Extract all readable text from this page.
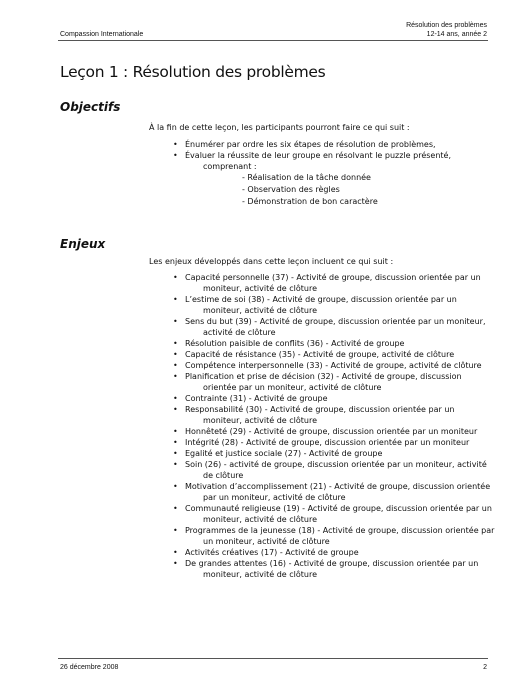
Compassion Internationale
Résolution des problèmes
12-14 ans, année 2
Leçon 1 : Résolution des problèmes
Objectifs
À la fin de cette leçon, les participants pourront faire ce qui suit :
• Énumérer par ordre les six étapes de résolution de problèmes,
• Évaluer la réussite de leur groupe en résolvant le puzzle présenté,
comprenant :
- Réalisation de la tâche donnée
- Observation des règles
- Démonstration de bon caractère
Enjeux
Les enjeux développés dans cette leçon incluent ce qui suit :
• Capacité personnelle (37) - Activité de groupe, discussion orientée par un
moniteur, activité de clôture
• L’estime de soi (38) - Activité de groupe, discussion orientée par un
moniteur, activité de clôture
• Sens du but (39) - Activité de groupe, discussion orientée par un moniteur,
activité de clôture
• Résolution paisible de conflits (36) - Activité de groupe
• Capacité de résistance (35) - Activité de groupe, activité de clôture
• Compétence interpersonnelle (33) - Activité de groupe, activité de clôture
• Planification et prise de décision (32) - Activité de groupe, discussion
orientée par un moniteur, activité de clôture
• Contrainte (31) - Activité de groupe
• Responsabilité (30) - Activité de groupe, discussion orientée par un
moniteur, activité de clôture
• Honnêteté (29) - Activité de groupe, discussion orientée par un moniteur
• Intégrité (28) - Activité de groupe, discussion orientée par un moniteur
• Egalité et justice sociale (27) - Activité de groupe
• Soin (26) - activité de groupe, discussion orientée par un moniteur, activité
de clôture
• Motivation d’accomplissement (21) - Activité de groupe, discussion orientée
par un moniteur, activité de clôture
• Communauté religieuse (19) - Activité de groupe, discussion orientée par un
moniteur, activité de clôture
• Programmes de la jeunesse (18) - Activité de groupe, discussion orientée par
un moniteur, activité de clôture
• Activités créatives (17) - Activité de groupe
• De grandes attentes (16) - Activité de groupe, discussion orientée par un
moniteur, activité de clôture
26 décembre 2008	2
